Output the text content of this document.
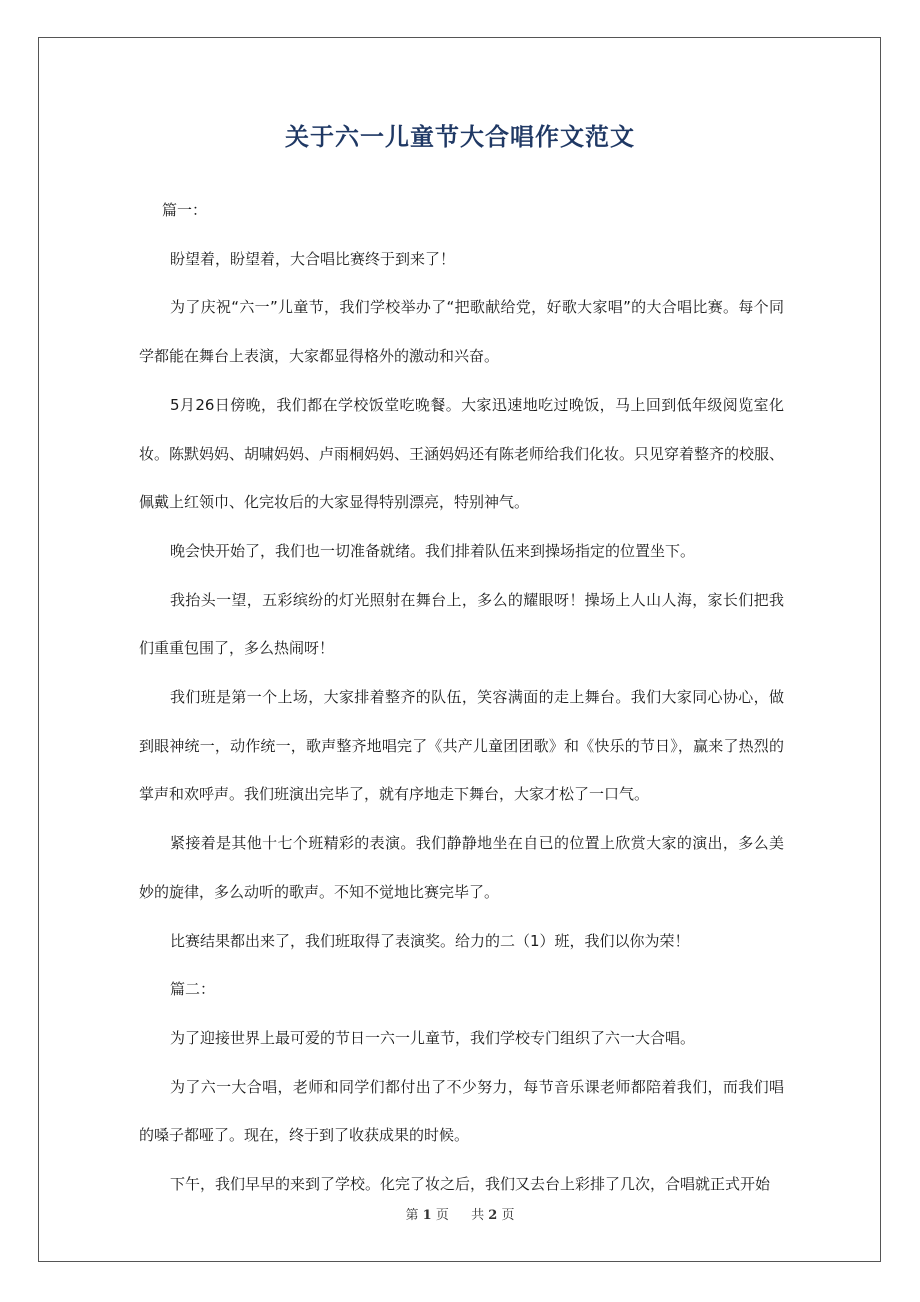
关于六一儿童节大合唱作文范文

篇一：

盼望着，盼望着，大合唱比赛终于到来了！

为了庆祝“六一”儿童节，我们学校举办了“把歌献给党，好歌大家唱”的大合唱比赛。每个同学都能在舞台上表演，大家都显得格外的激动和兴奋。

5月26日傍晚，我们都在学校饭堂吃晚餐。大家迅速地吃过晚饭，马上回到低年级阅览室化妆。陈默妈妈、胡啸妈妈、卢雨桐妈妈、王涵妈妈还有陈老师给我们化妆。只见穿着整齐的校服、佩戴上红领巾、化完妆后的大家显得特别漂亮，特别神气。

晚会快开始了，我们也一切准备就绪。我们排着队伍来到操场指定的位置坐下。

我抬头一望，五彩缤纷的灯光照射在舞台上，多么的耀眼呀！操场上人山人海，家长们把我们重重包围了，多么热闹呀！

我们班是第一个上场，大家排着整齐的队伍，笑容满面的走上舞台。我们大家同心协心，做到眼神统一，动作统一，歌声整齐地唱完了《共产儿童团团歌》和《快乐的节日》，赢来了热烈的掌声和欢呼声。我们班演出完毕了，就有序地走下舞台，大家才松了一口气。

紧接着是其他十七个班精彩的表演。我们静静地坐在自已的位置上欣赏大家的演出，多么美妙的旋律，多么动听的歌声。不知不觉地比赛完毕了。

比赛结果都出来了，我们班取得了表演奖。给力的二（1）班，我们以你为荣！

篇二：

为了迎接世界上最可爱的节日一六一儿童节，我们学校专门组织了六一大合唱。

为了六一大合唱，老师和同学们都付出了不少努力，每节音乐课老师都陪着我们，而我们唱的嗓子都哑了。现在，终于到了收获成果的时候。

下午，我们早早的来到了学校。化完了妆之后，我们又去台上彩排了几次，合唱就正式开始

第 1 页 共 2 页
